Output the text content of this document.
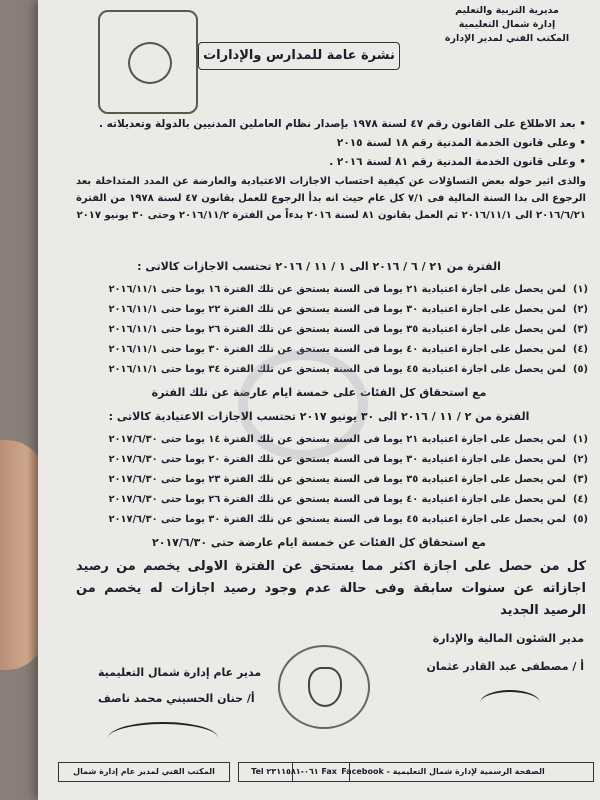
مديرية التربية والتعليم
إدارة شمال التعليمية
المكتب الفني لمدير الإدارة
نشرة عامة للمدارس والإدارات
• بعد الاطلاع على القانون رقم ٤٧ لسنة ١٩٧٨ بإصدار نظام العاملين المدنيين بالدولة وتعديلاته .
• وعلى قانون الخدمة المدنية رقم ١٨ لسنة ٢٠١٥
• وعلى قانون الخدمة المدنية رقم ٨١ لسنة ٢٠١٦ .
والذى اثير حوله بعض التساؤلات عن كيفية احتساب الاجازات الاعتيادية والعارضة عن المدد المتداخلة بعد الرجوع الى بدا السنة المالية فى ٧/١ كل عام حيث انه بدأ الرجوع للعمل بقانون ٤٧ لسنة ١٩٧٨ من الفترة ٢٠١٦/٦/٢١ الى ٢٠١٦/١١/١ ثم العمل بقانون ٨١ لسنة ٢٠١٦ بدءاً من الفترة ٢٠١٦/١١/٢ وحتى ٣٠ يونيو ٢٠١٧
الفترة من ٢١ / ٦ / ٢٠١٦ الى ١ / ١١ / ٢٠١٦ تحتسب الاجازات كالاتى :
(١)لمن يحصل على اجازة اعتيادية ٢١ يوما فى السنة يستحق عن تلك الفترة ١٦ يوما حتى ٢٠١٦/١١/١
(٢)لمن يحصل على اجازة اعتيادية ٣٠ يوما فى السنة يستحق عن تلك الفترة ٢٢ يوما حتى ٢٠١٦/١١/١
(٣)لمن يحصل على اجازة اعتيادية ٣٥ يوما فى السنة يستحق عن تلك الفترة ٢٦ يوما حتى ٢٠١٦/١١/١
(٤)لمن يحصل على اجازة اعتيادية ٤٠ يوما فى السنة يستحق عن تلك الفترة ٣٠ يوما حتى ٢٠١٦/١١/١
(٥)لمن يحصل على اجازة اعتيادية ٤٥ يوما فى السنة يستحق عن تلك الفترة ٣٤ يوما حتى ٢٠١٦/١١/١
مع استحقاق كل الفئات على خمسة ايام عارضة عن تلك الفترة
الفترة من ٢ / ١١ / ٢٠١٦ الى ٣٠ يونيو ٢٠١٧ تحتسب الاجازات الاعتيادية كالاتى :
(١)لمن يحصل على اجازة اعتيادية ٢١ يوما فى السنة يستحق عن تلك الفترة ١٤ يوما حتى ٢٠١٧/٦/٣٠
(٢)لمن يحصل على اجازة اعتيادية ٣٠ يوما فى السنة يستحق عن تلك الفترة ٢٠ يوما حتى ٢٠١٧/٦/٣٠
(٣)لمن يحصل على اجازة اعتيادية ٣٥ يوما فى السنة يستحق عن تلك الفترة ٢٣ يوما حتى ٢٠١٧/٦/٣٠
(٤)لمن يحصل على اجازة اعتيادية ٤٠ يوما فى السنة يستحق عن تلك الفترة ٢٦ يوما حتى ٢٠١٧/٦/٣٠
(٥)لمن يحصل على اجازة اعتيادية ٤٥ يوما فى السنة يستحق عن تلك الفترة ٣٠ يوما حتى ٢٠١٧/٦/٣٠
مع استحقاق كل الفئات عن خمسة ايام عارضة حتى ٢٠١٧/٦/٣٠
كل من حصل على اجازة اكثر مما يستحق عن الفترة الاولى يخصم من رصيد اجازاته عن سنوات سابقة وفى حالة عدم وجود رصيد اجازات له يخصم من الرصيد الجديد
مدير الشئون المالية والإدارة
أ / مصطفى عبد القادر عثمان
مدير عام إدارة شمال التعليمية
أ/ حنان الحسيني محمد ناصف
الصفحة الرسمية لإدارة شمال التعليمية - Facebook
Tel ٠٦١-٢٣١١٥٨١ Fax
المكتب الفني لمدير عام إدارة شمال
